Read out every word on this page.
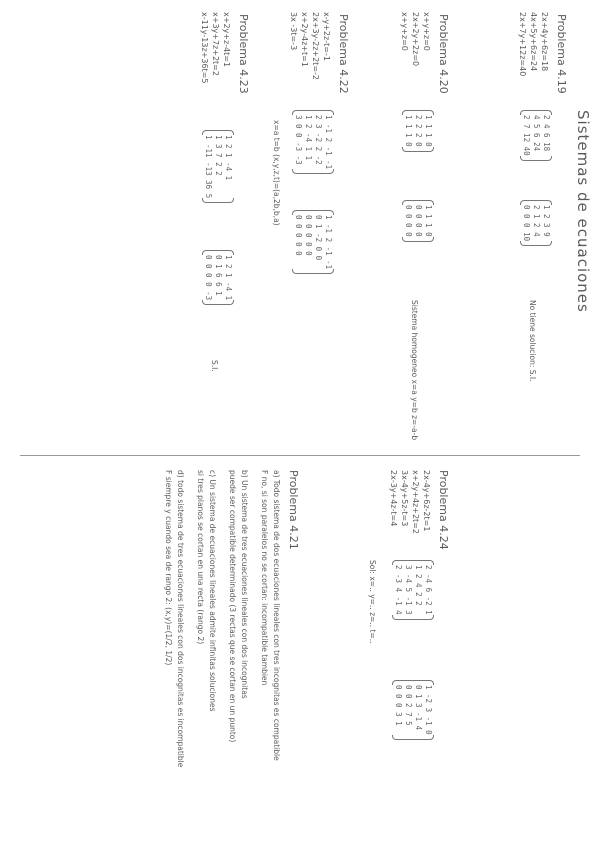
Sistemas de ecuaciones
Problema 4.19
2x+4y+6z=18
4x+5y+6z=24
2x+7y+12z=40
2 4 6 18
4 5 6 24
2 7 12 40
1 2 3 9
2 1 2 4
0 0 0 10
No tiene solucion: S.I.
Problema 4.20
x+y+z=0
2x+2y+2z=0
x+y+z=0
1 1 1 0
2 2 2 0
1 1 1 0
1 1 1 0
0 0 0 0
0 0 0 0
Sistema homogeneo x=a y=b z=-a-b
Problema 4.22
x-y+2z-t=-1
2x+3y-2z+2t=-2
x+2y-4z+t=1
3x -3t=-3
1 -1 2 -1 -1
2 3 -2 2 -2
1 2 -4 1 1
3 0 0 -3 -3
1 -1 2 -1 -1
0 1 -2 0 0
0 0 0 0 0
0 0 0 0 0
x=a t=b (x,y,z,t)=(a,2b,b,a)
Problema 4.23
x+2y+z-4t=1
x+3y+7z+2t=2
x-11y-13z+36t=5
1 2 1 -4 1
1 3 7 2 2
1 -11 -13 36 5
1 2 1 -4 1
0 1 6 6 1
0 0 0 0 -3
S.I.
Problema 4.24
2x-4y+6z-2t=1
x+2y+4z+2t=2
3x-4y+5z-t=3
2x-3y+4z-t=4
2 -4 6 -2 1
1 2 4 2 2
3 -4 5 -1 3
2 -3 4 -1 4
1 -2 3 -1 0
0 1 3 -1 4
0 0 2 7 5
0 0 0 3 1
Sol: x=.. y=.. z=.. t=..
Problema 4.21
a) Todo sistema de dos ecuaciones lineales con tres incognitas es compatible
F no, si son paralelos no se cortan: incompatible tambien
b) Un sistema de tres ecuaciones lineales con dos incognitas
puede ser compatible determinado (3 rectas que se cortan en un punto)
c) Un sistema de ecuaciones lineales admite infinitas soluciones
si tres planos se cortan en una recta (rango 2)
d) todo sistema de tres ecuaciones lineales con dos incognitas es incompatible
F siempre y cuando sea de rango 2: (x,y)=(1/2, 1/2)
